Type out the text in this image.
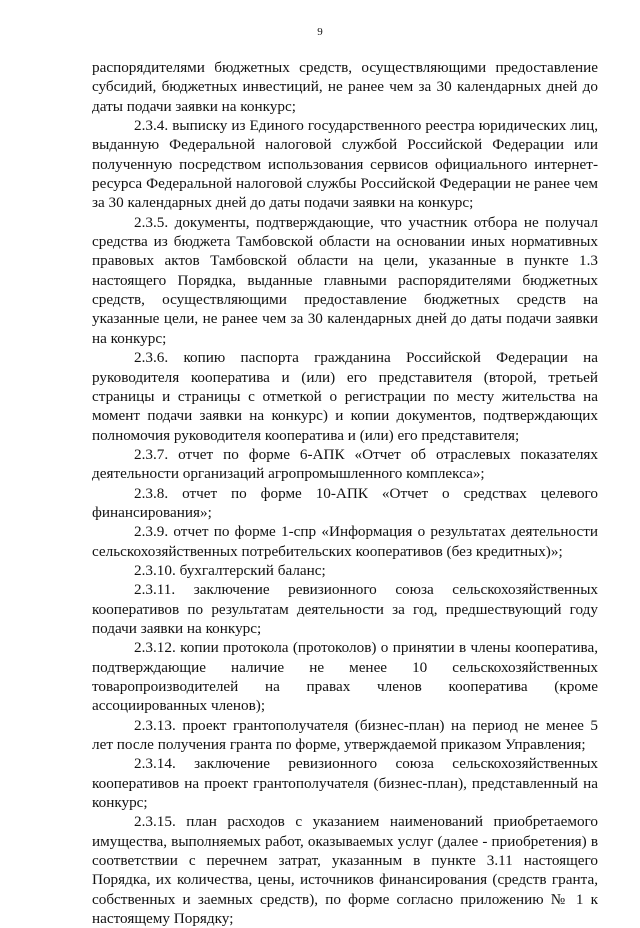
9

распорядителями бюджетных средств, осуществляющими предоставление субсидий, бюджетных инвестиций, не ранее чем за 30 календарных дней до даты подачи заявки на конкурс;

2.3.4. выписку из Единого государственного реестра юридических лиц, выданную Федеральной налоговой службой Российской Федерации или полученную посредством использования сервисов официального интернет-ресурса Федеральной налоговой службы Российской Федерации не ранее чем за 30 календарных дней до даты подачи заявки на конкурс;

2.3.5. документы, подтверждающие, что участник отбора не получал средства из бюджета Тамбовской области на основании иных нормативных правовых актов Тамбовской области на цели, указанные в пункте 1.3 настоящего Порядка, выданные главными распорядителями бюджетных средств, осуществляющими предоставление бюджетных средств на указанные цели, не ранее чем за 30 календарных дней до даты подачи заявки на конкурс;

2.3.6. копию паспорта гражданина Российской Федерации на руководителя кооператива и (или) его представителя (второй, третьей страницы и страницы с отметкой о регистрации по месту жительства на момент подачи заявки на конкурс) и копии документов, подтверждающих полномочия руководителя кооператива и (или) его представителя;

2.3.7. отчет по форме 6-АПК «Отчет об отраслевых показателях деятельности организаций агропромышленного комплекса»;

2.3.8. отчет по форме 10-АПК «Отчет о средствах целевого финансирования»;

2.3.9. отчет по форме 1-спр «Информация о результатах деятельности сельскохозяйственных потребительских кооперативов (без кредитных)»;

2.3.10. бухгалтерский баланс;

2.3.11. заключение ревизионного союза сельскохозяйственных кооперативов по результатам деятельности за год, предшествующий году подачи заявки на конкурс;

2.3.12. копии протокола (протоколов) о принятии в члены кооператива, подтверждающие наличие не менее 10 сельскохозяйственных товаропроизводителей на правах членов кооператива (кроме ассоциированных членов);

2.3.13. проект грантополучателя (бизнес-план) на период не менее 5 лет после получения гранта по форме, утверждаемой приказом Управления;

2.3.14. заключение ревизионного союза сельскохозяйственных кооперативов на проект грантополучателя (бизнес-план), представленный на конкурс;

2.3.15. план расходов с указанием наименований приобретаемого имущества, выполняемых работ, оказываемых услуг (далее - приобретения) в соответствии с перечнем затрат, указанным в пункте 3.11 настоящего Порядка, их количества, цены, источников финансирования (средств гранта, собственных и заемных средств), по форме согласно приложению № 1 к настоящему Порядку;
